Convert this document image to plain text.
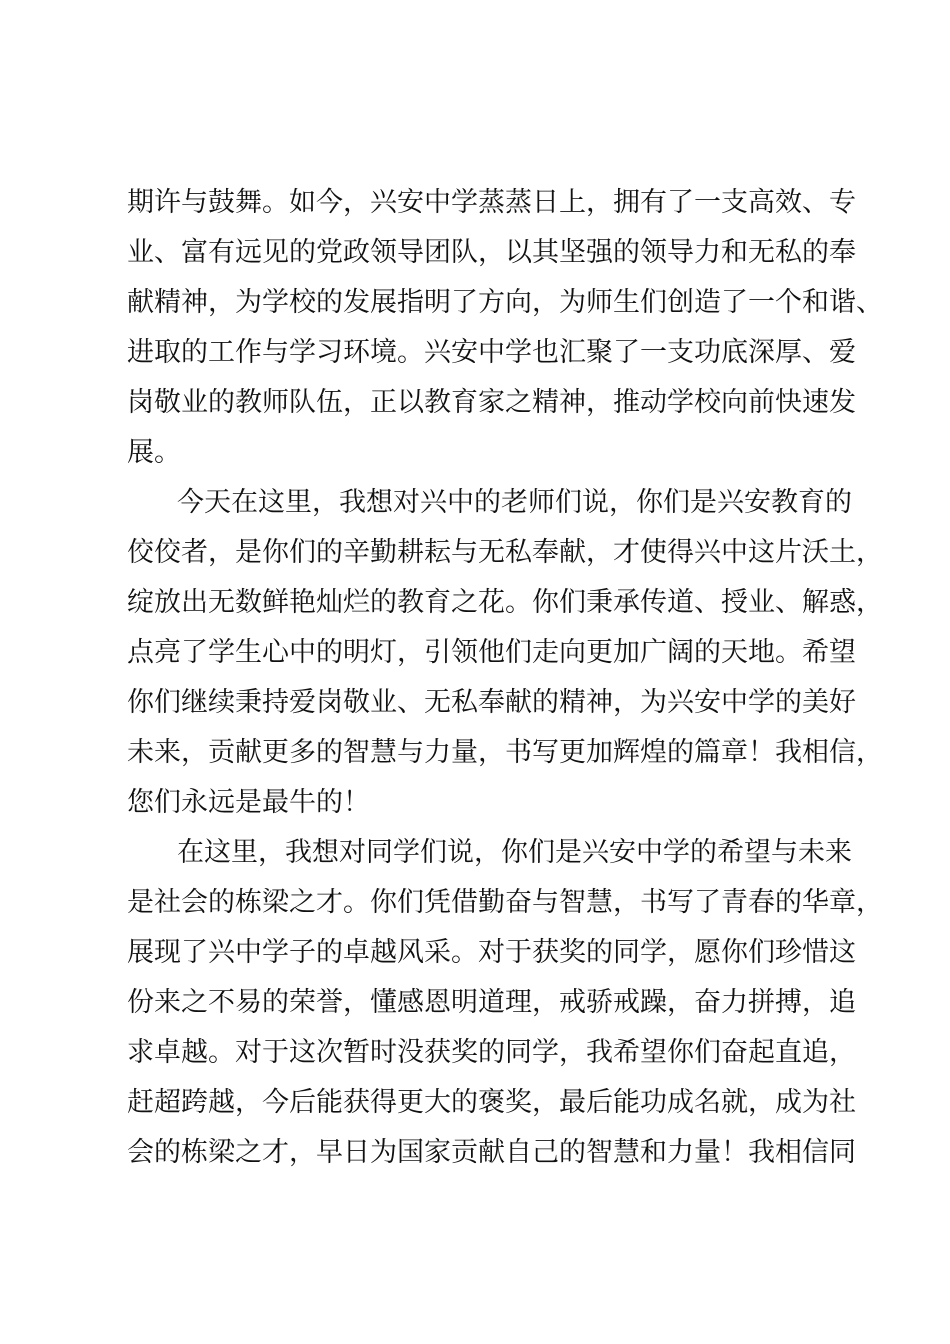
期许与鼓舞。如今，兴安中学蒸蒸日上，拥有了一支高效、专
业、富有远见的党政领导团队，以其坚强的领导力和无私的奉
献精神，为学校的发展指明了方向，为师生们创造了一个和谐、
进取的工作与学习环境。兴安中学也汇聚了一支功底深厚、爱
岗敬业的教师队伍，正以教育家之精神，推动学校向前快速发
展。
今天在这里，我想对兴中的老师们说，你们是兴安教育的
佼佼者，是你们的辛勤耕耘与无私奉献，才使得兴中这片沃土，
绽放出无数鲜艳灿烂的教育之花。你们秉承传道、授业、解惑，
点亮了学生心中的明灯，引领他们走向更加广阔的天地。希望
你们继续秉持爱岗敬业、无私奉献的精神，为兴安中学的美好
未来，贡献更多的智慧与力量，书写更加辉煌的篇章！我相信，
您们永远是最牛的！
在这里，我想对同学们说，你们是兴安中学的希望与未来
是社会的栋梁之才。你们凭借勤奋与智慧，书写了青春的华章，
展现了兴中学子的卓越风采。对于获奖的同学，愿你们珍惜这
份来之不易的荣誉，懂感恩明道理，戒骄戒躁，奋力拼搏，追
求卓越。对于这次暂时没获奖的同学，我希望你们奋起直追，
赶超跨越，今后能获得更大的褒奖，最后能功成名就，成为社
会的栋梁之才，早日为国家贡献自己的智慧和力量！我相信同
